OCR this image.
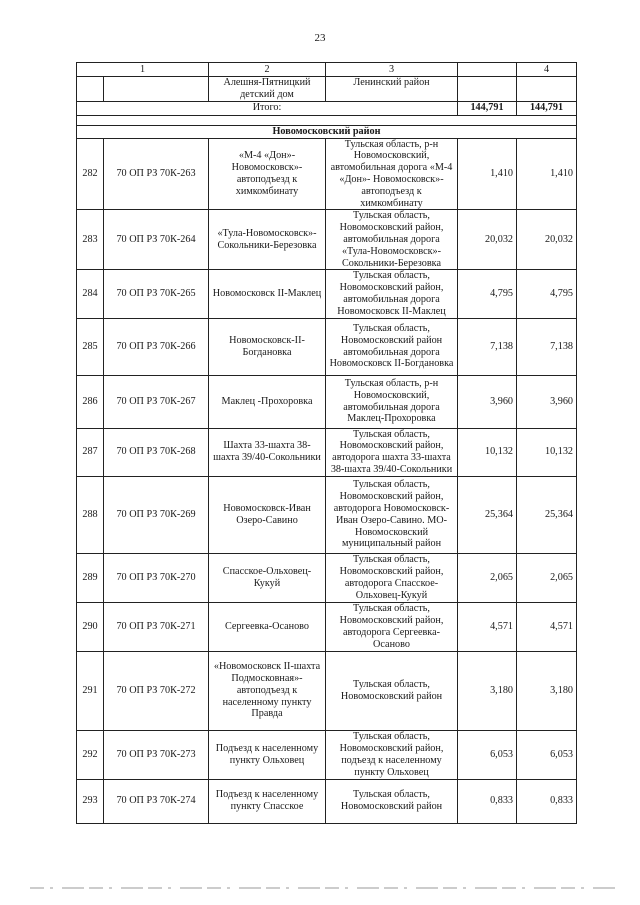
23
1		2	3		4
		Алешня-Пятницкий детский дом	Ленинский район		
Итого:				144,791	144,791

Новомосковский район					
282	70 ОП РЗ 70К-263	«М-4 «Дон»-Новомосковск»-автоподъезд к химкомбинату	Тульская область, р-н Новомосковский, автомобильная дорога «М-4 «Дон»- Новомосковск»-автоподъезд к химкомбинату	1,410	1,410
283	70 ОП РЗ 70К-264	«Тула-Новомосковск»-Сокольники-Березовка	Тульская область, Новомосковский район, автомобильная дорога «Тула-Новомосковск»-Сокольники-Березовка	20,032	20,032
284	70 ОП РЗ 70К-265	Новомосковск II-Маклец	Тульская область, Новомосковский район, автомобильная дорога Новомосковск II-Маклец	4,795	4,795
285	70 ОП РЗ 70К-266	Новомосковск-II-Богдановка	Тульская область, Новомосковский район автомобильная дорога Новомосковск II-Богдановка	7,138	7,138
286	70 ОП РЗ 70К-267	Маклец -Прохоровка	Тульская область, р-н Новомосковский, автомобильная дорога Маклец-Прохоровка	3,960	3,960
287	70 ОП РЗ 70К-268	Шахта 33-шахта 38-шахта 39/40-Сокольники	Тульская область, Новомосковский район, автодорога шахта 33-шахта 38-шахта 39/40-Сокольники	10,132	10,132
288	70 ОП РЗ 70К-269	Новомосковск-Иван Озеро-Савино	Тульская область, Новомосковский район, автодорога Новомосковск-Иван Озеро-Савино. МО-Новомосковский муниципальный район	25,364	25,364
289	70 ОП РЗ 70К-270	Спасское-Ольховец-Кукуй	Тульская область, Новомосковский район, автодорога Спасское-Ольховец-Кукуй	2,065	2,065
290	70 ОП РЗ 70К-271	Сергеевка-Осаново	Тульская область, Новомосковский район, автодорога Сергеевка-Осаново	4,571	4,571
291	70 ОП РЗ 70К-272	«Новомосковск II-шахта Подмосковная»-автоподъезд к населенному пункту Правда	Тульская область, Новомосковский район	3,180	3,180
292	70 ОП РЗ 70К-273	Подъезд к населенному пункту Ольховец	Тульская область, Новомосковский район, подъезд к населенному пункту Ольховец	6,053	6,053
293	70 ОП РЗ 70К-274	Подъезд к населенному пункту Спасское	Тульская область, Новомосковский район	0,833	0,833
